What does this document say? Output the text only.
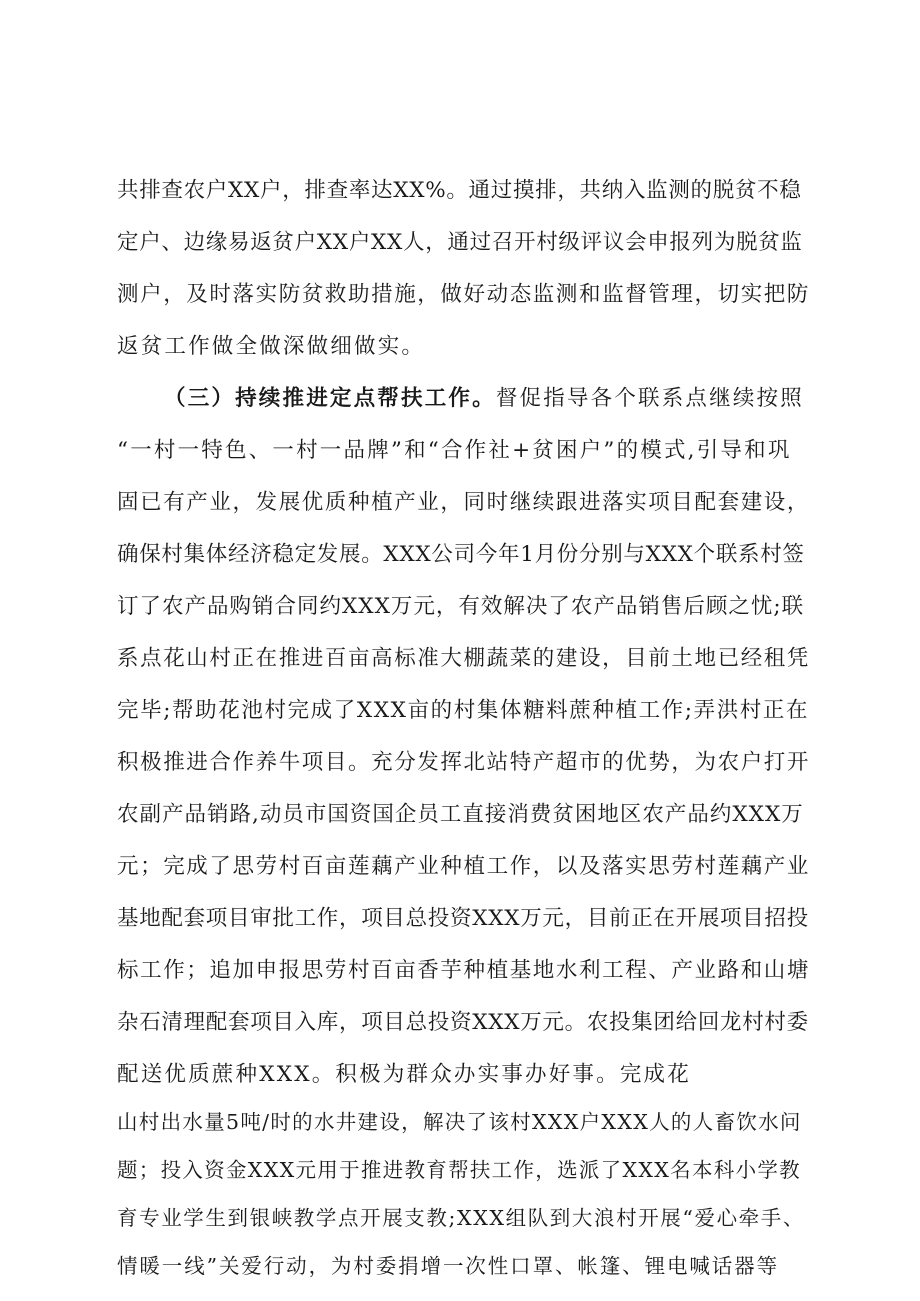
共排查农户XX户，排查率达XX%。通过摸排，共纳入监测的脱贫不稳
定户、边缘易返贫户XX户XX人，通过召开村级评议会申报列为脱贫监
测户，及时落实防贫救助措施，做好动态监测和监督管理，切实把防
返贫工作做全做深做细做实。
（三）持续推进定点帮扶工作。督促指导各个联系点继续按照
“一村一特色、一村一品牌”和“合作社+贫困户”的模式,引导和巩
固已有产业，发展优质种植产业，同时继续跟进落实项目配套建设，
确保村集体经济稳定发展。XXX公司今年1月份分别与XXX个联系村签
订了农产品购销合同约XXX万元，有效解决了农产品销售后顾之忧;联
系点花山村正在推进百亩高标准大棚蔬菜的建设，目前土地已经租凭
完毕;帮助花池村完成了XXX亩的村集体糖料蔗种植工作;弄洪村正在
积极推进合作养牛项目。充分发挥北站特产超市的优势，为农户打开
农副产品销路,动员市国资国企员工直接消费贫困地区农产品约XXX万
元；完成了思劳村百亩莲藕产业种植工作，以及落实思劳村莲藕产业
基地配套项目审批工作，项目总投资XXX万元，目前正在开展项目招投
标工作；追加申报思劳村百亩香芋种植基地水利工程、产业路和山塘
杂石清理配套项目入库，项目总投资XXX万元。农投集团给回龙村村委
配送优质蔗种XXX。积极为群众办实事办好事。完成花
山村出水量5吨/时的水井建设，解决了该村XXX户XXX人的人畜饮水问
题；投入资金XXX元用于推进教育帮扶工作，选派了XXX名本科小学教
育专业学生到银峡教学点开展支教;XXX组队到大浪村开展“爱心牵手、
情暖一线”关爱行动，为村委捐增一次性口罩、帐篷、锂电喊话器等
